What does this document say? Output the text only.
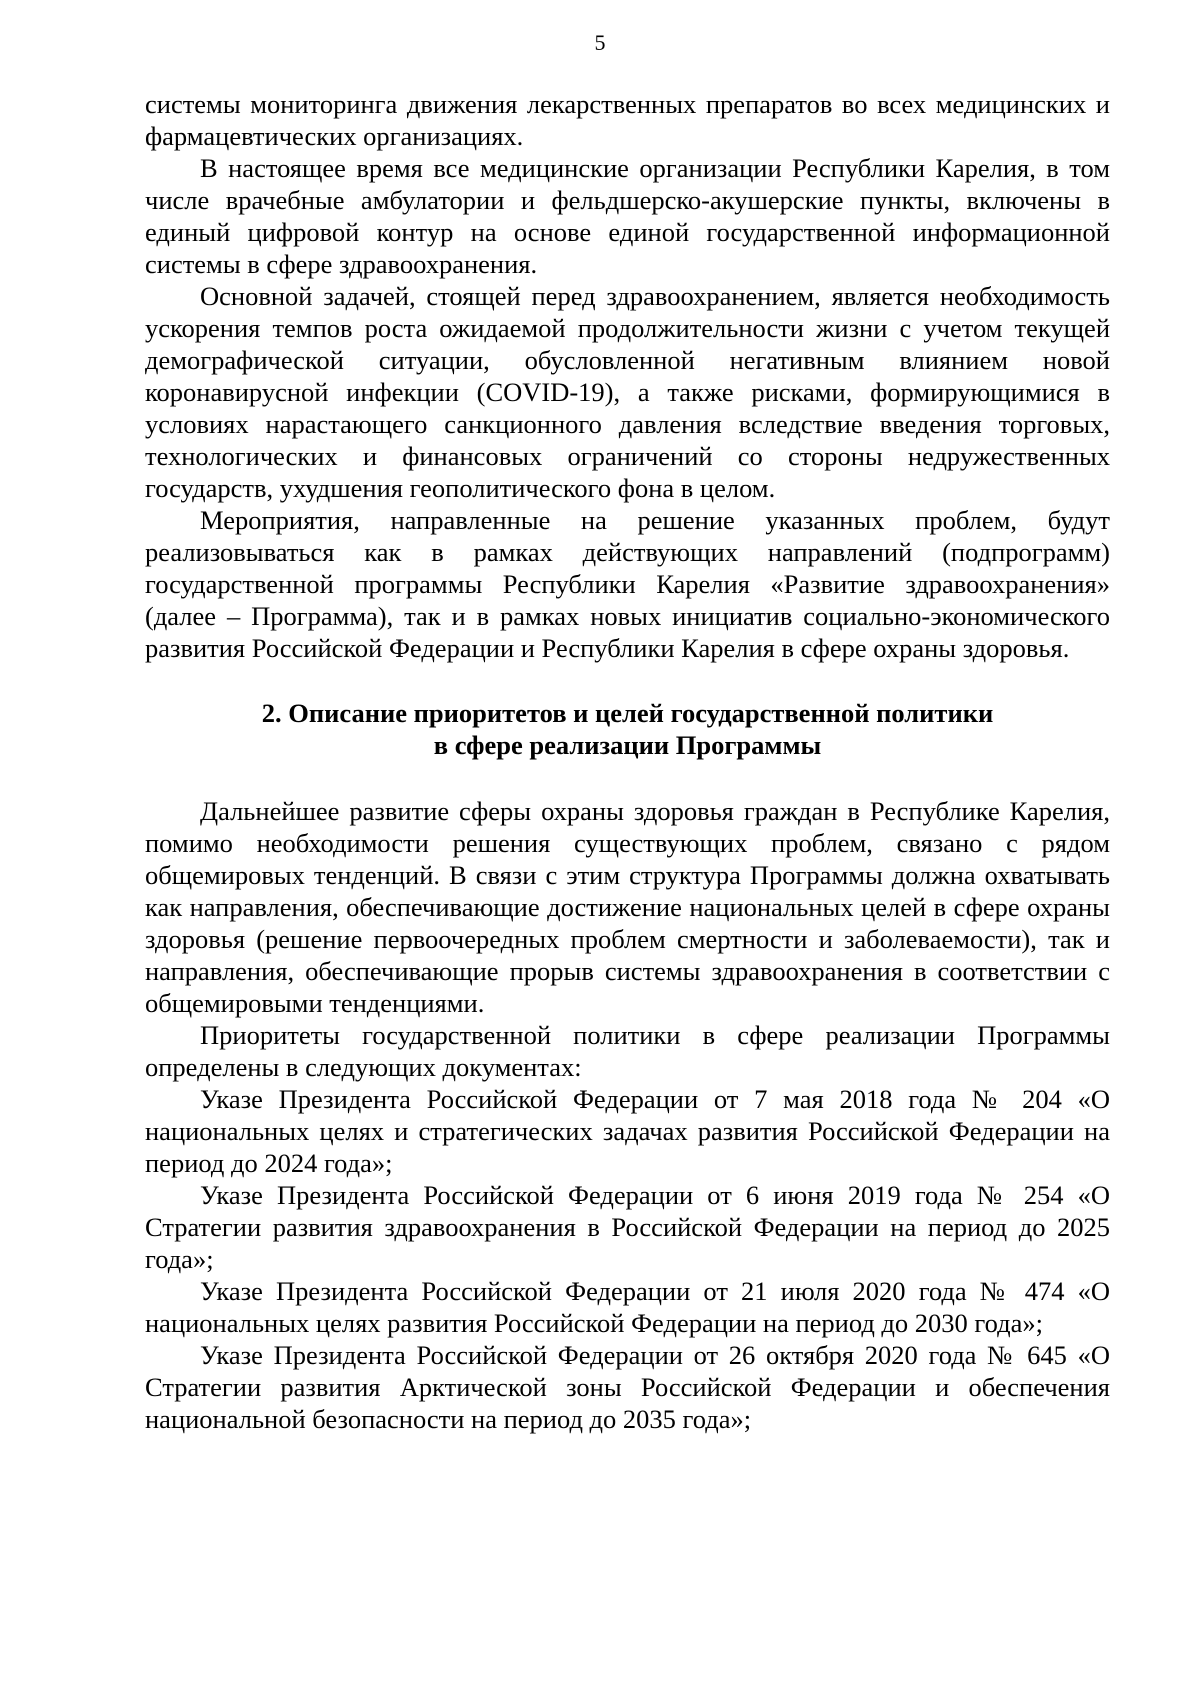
5

системы мониторинга движения лекарственных препаратов во всех медицинских и фармацевтических организациях.

В настоящее время все медицинские организации Республики Карелия, в том числе врачебные амбулатории и фельдшерско-акушерские пункты, включены в единый цифровой контур на основе единой государственной информационной системы в сфере здравоохранения.

Основной задачей, стоящей перед здравоохранением, является необходимость ускорения темпов роста ожидаемой продолжительности жизни с учетом текущей демографической ситуации, обусловленной негативным влиянием новой коронавирусной инфекции (COVID-19), а также рисками, формирующимися в условиях нарастающего санкционного давления вследствие введения торговых, технологических и финансовых ограничений со стороны недружественных государств, ухудшения геополитического фона в целом.

Мероприятия, направленные на решение указанных проблем, будут реализовываться как в рамках действующих направлений (подпрограмм) государственной программы Республики Карелия «Развитие здравоохранения» (далее – Программа), так и в рамках новых инициатив социально-экономического развития Российской Федерации и Республики Карелия в сфере охраны здоровья.

2. Описание приоритетов и целей государственной политики
в сфере реализации Программы

Дальнейшее развитие сферы охраны здоровья граждан в Республике Карелия, помимо необходимости решения существующих проблем, связано с рядом общемировых тенденций. В связи с этим структура Программы должна охватывать как направления, обеспечивающие достижение национальных целей в сфере охраны здоровья (решение первоочередных проблем смертности и заболеваемости), так и направления, обеспечивающие прорыв системы здравоохранения в соответствии с общемировыми тенденциями.

Приоритеты государственной политики в сфере реализации Программы определены в следующих документах:

Указе Президента Российской Федерации от 7 мая 2018 года № 204 «О национальных целях и стратегических задачах развития Российской Федерации на период до 2024 года»;

Указе Президента Российской Федерации от 6 июня 2019 года № 254 «О Стратегии развития здравоохранения в Российской Федерации на период до 2025 года»;

Указе Президента Российской Федерации от 21 июля 2020 года № 474 «О национальных целях развития Российской Федерации на период до 2030 года»;

Указе Президента Российской Федерации от 26 октября 2020 года № 645 «О Стратегии развития Арктической зоны Российской Федерации и обеспечения национальной безопасности на период до 2035 года»;
